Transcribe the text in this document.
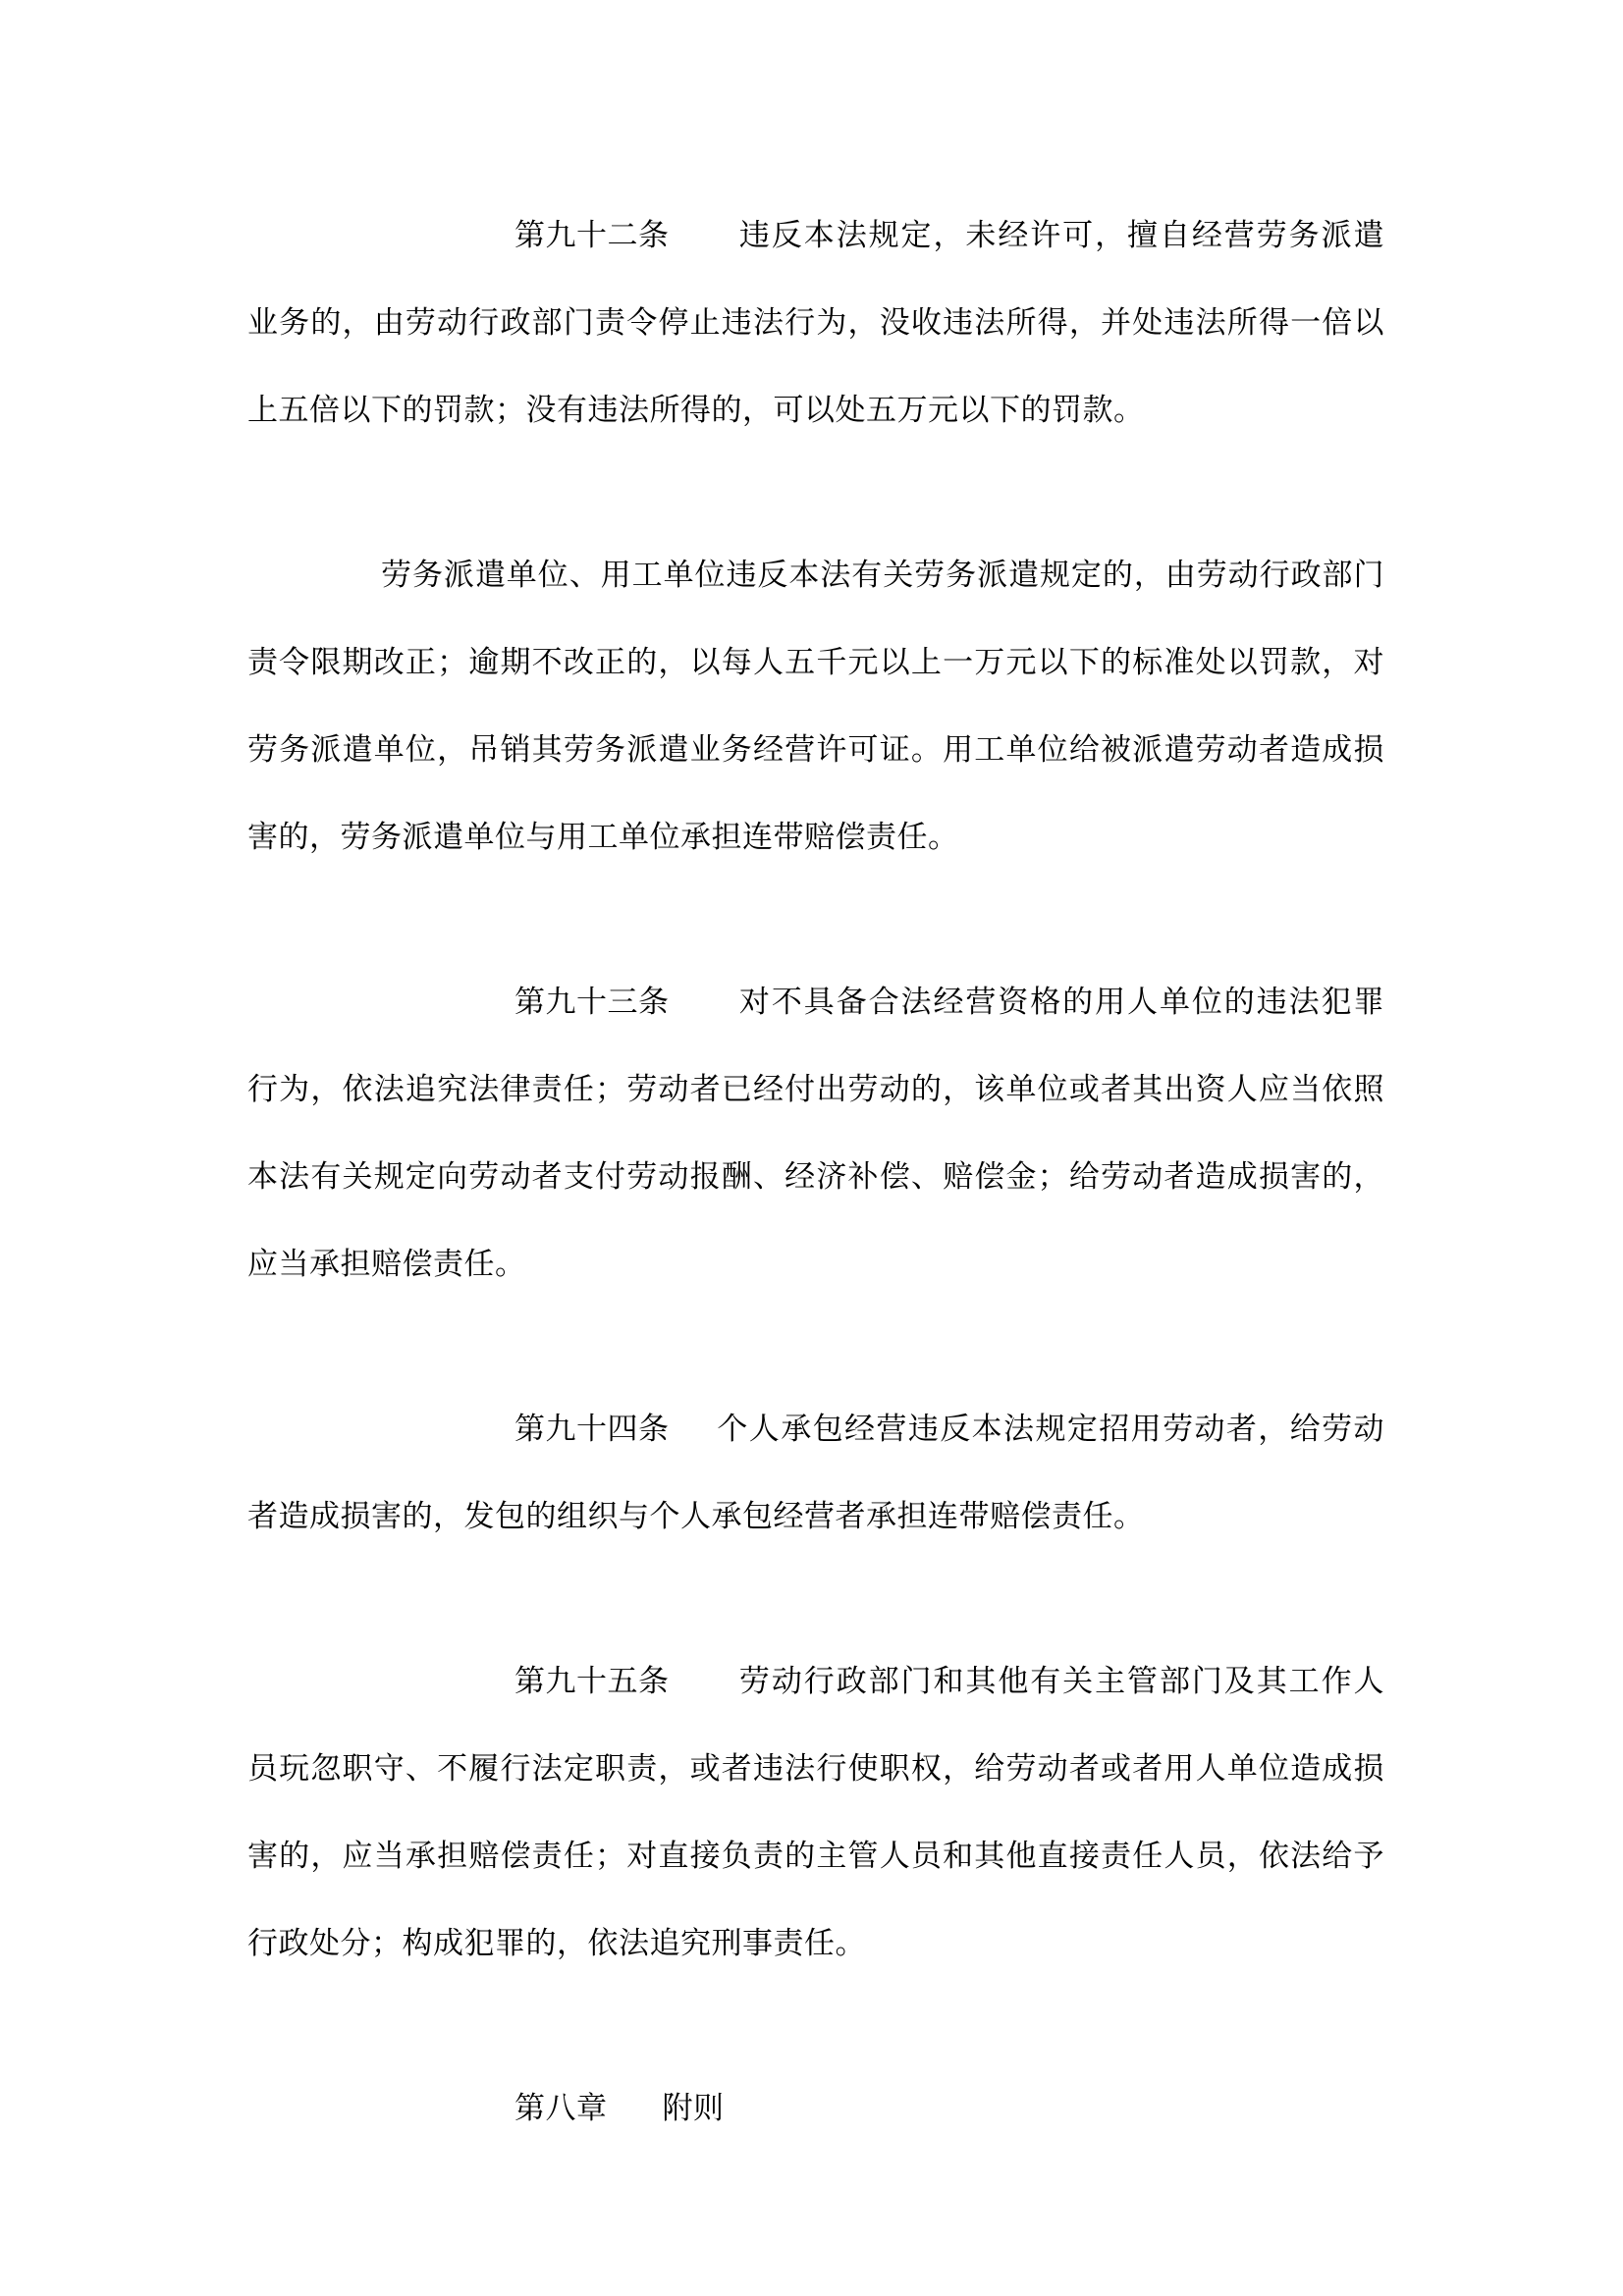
第九十二条 违反本法规定，未经许可，擅自经营劳务派遣业务的，由劳动行政部门责令停止违法行为，没收违法所得，并处违法所得一倍以上五倍以下的罚款；没有违法所得的，可以处五万元以下的罚款。

劳务派遣单位、用工单位违反本法有关劳务派遣规定的，由劳动行政部门责令限期改正；逾期不改正的，以每人五千元以上一万元以下的标准处以罚款，对劳务派遣单位，吊销其劳务派遣业务经营许可证。用工单位给被派遣劳动者造成损害的，劳务派遣单位与用工单位承担连带赔偿责任。

第九十三条 对不具备合法经营资格的用人单位的违法犯罪行为，依法追究法律责任；劳动者已经付出劳动的，该单位或者其出资人应当依照本法有关规定向劳动者支付劳动报酬、经济补偿、赔偿金；给劳动者造成损害的，应当承担赔偿责任。

第九十四条 个人承包经营违反本法规定招用劳动者，给劳动者造成损害的，发包的组织与个人承包经营者承担连带赔偿责任。

第九十五条 劳动行政部门和其他有关主管部门及其工作人员玩忽职守、不履行法定职责，或者违法行使职权，给劳动者或者用人单位造成损害的，应当承担赔偿责任；对直接负责的主管人员和其他直接责任人员，依法给予行政处分；构成犯罪的，依法追究刑事责任。

第八章 附则
